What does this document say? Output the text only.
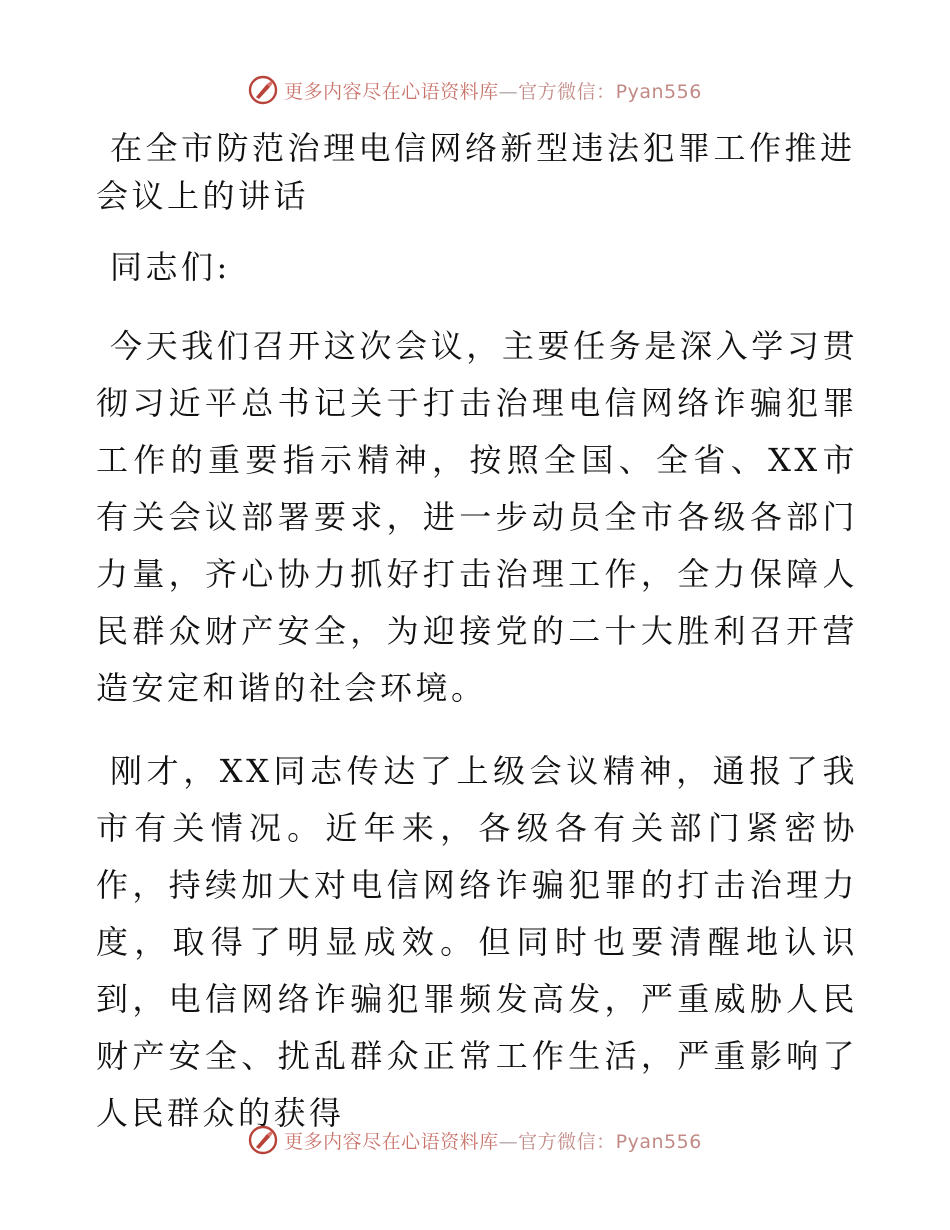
更多内容尽在心语资料库—官方微信：Pyan556
在全市防范治理电信网络新型违法犯罪工作推进会议上的讲话

同志们:

今天我们召开这次会议，主要任务是深入学习贯彻习近平总书记关于打击治理电信网络诈骗犯罪工作的重要指示精神，按照全国、全省、XX市有关会议部署要求，进一步动员全市各级各部门力量，齐心协力抓好打击治理工作，全力保障人民群众财产安全，为迎接党的二十大胜利召开营造安定和谐的社会环境。

刚才，XX同志传达了上级会议精神，通报了我市有关情况。近年来，各级各有关部门紧密协作，持续加大对电信网络诈骗犯罪的打击治理力度，取得了明显成效。但同时也要清醒地认识到，电信网络诈骗犯罪频发高发，严重威胁人民财产安全、扰乱群众正常工作生活，严重影响了人民群众的获得

更多内容尽在心语资料库—官方微信：Pyan556
